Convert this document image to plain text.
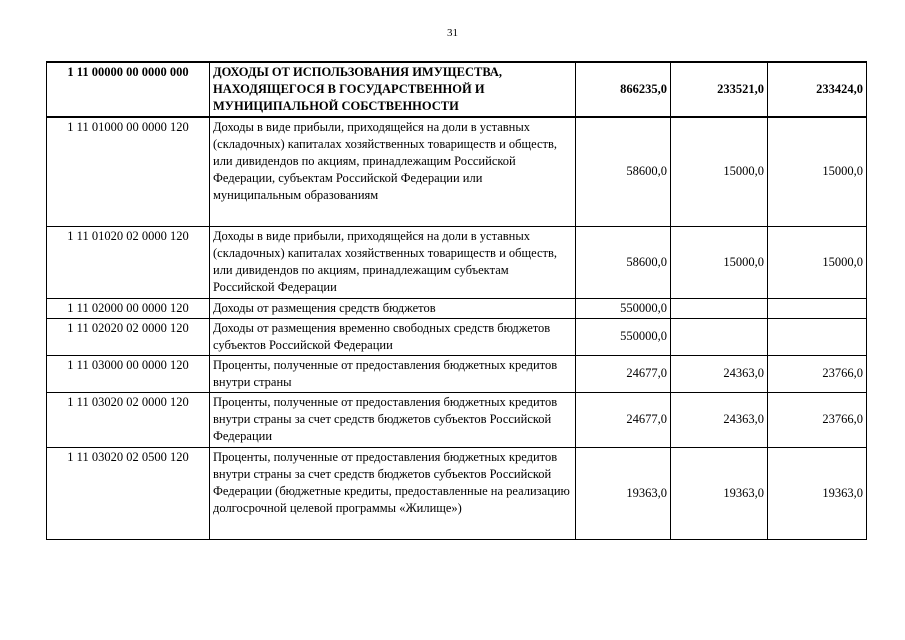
31
1 11 00000 00 0000 000	ДОХОДЫ ОТ ИСПОЛЬЗОВАНИЯ ИМУЩЕСТВА, НАХОДЯЩЕГОСЯ В ГОСУДАРСТВЕННОЙ И МУНИЦИПАЛЬНОЙ СОБСТВЕННОСТИ	866235,0	233521,0	233424,0
1 11 01000 00 0000 120	Доходы в виде прибыли, приходящейся на доли в уставных (складочных) капиталах хозяйственных товариществ и обществ, или дивидендов по акциям, принадлежащим Российской Федерации, субъектам Российской Федерации или муниципальным образованиям	58600,0	15000,0	15000,0
1 11 01020 02 0000 120	Доходы в виде прибыли, приходящейся на доли в уставных (складочных) капиталах хозяйственных товариществ и обществ, или дивидендов по акциям, принадлежащим субъектам Российской Федерации	58600,0	15000,0	15000,0
1 11 02000 00 0000 120	Доходы от размещения средств бюджетов	550000,0		
1 11 02020 02 0000 120	Доходы от размещения временно свободных средств бюджетов субъектов Российской Федерации	550000,0		
1 11 03000 00 0000 120	Проценты, полученные от предоставления бюджетных кредитов внутри страны	24677,0	24363,0	23766,0
1 11 03020 02 0000 120	Проценты, полученные от предоставления бюджетных кредитов внутри страны за счет средств бюджетов субъектов Российской Федерации	24677,0	24363,0	23766,0
1 11 03020 02 0500 120	Проценты, полученные от предоставления бюджетных кредитов внутри страны за счет средств бюджетов субъектов Российской Федерации (бюджетные кредиты, предоставленные на реализацию долгосрочной целевой программы «Жилище»)	19363,0	19363,0	19363,0
